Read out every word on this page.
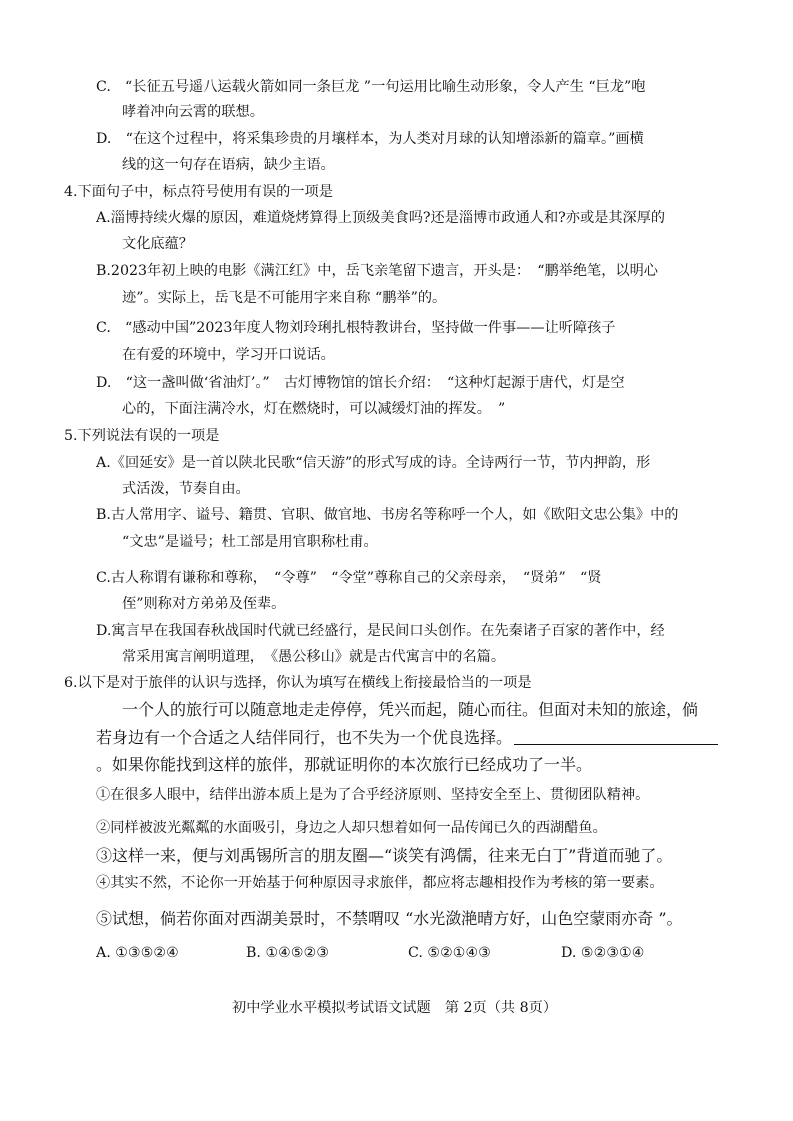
C.　“长征五号遥八运载火箭如同一条巨龙 ”一句运用比喻生动形象，令人产生 “巨龙”咆

哮着冲向云霄的联想。

D.　“在这个过程中，将采集珍贵的月壤样本，为人类对月球的认知增添新的篇章。”画横

线的这一句存在语病，缺少主语。

4.下面句子中，标点符号使用有误的一项是

A.淄博持续火爆的原因，难道烧烤算得上顶级美食吗?还是淄博市政通人和?亦或是其深厚的

文化底蕴？

B.2023年初上映的电影《满江红》中，岳飞亲笔留下遗言，开头是：　“鹏举绝笔，以明心

迹”。实际上，岳飞是不可能用字来自称 “鹏举”的。

C.　“感动中国”2023年度人物刘玲琍扎根特教讲台，坚持做一件事——让听障孩子

在有爱的环境中，学习开口说话。

D.　“这一盏叫做‘省油灯’。”　古灯博物馆的馆长介绍：　“这种灯起源于唐代，灯是空

心的，下面注满冷水，灯在燃烧时，可以减缓灯油的挥发。　”

5.下列说法有误的一项是

A.《回延安》是一首以陕北民歌“信天游”的形式写成的诗。全诗两行一节，节内押韵，形

式活泼，节奏自由。

B.古人常用字、谥号、籍贯、官职、做官地、书房名等称呼一个人，如《欧阳文忠公集》中的

“文忠”是谥号；杜工部是用官职称杜甫。

C.古人称谓有谦称和尊称，　“令尊”　“令堂”尊称自己的父亲母亲，　“贤弟”　“贤

侄”则称对方弟弟及侄辈。

D.寓言早在我国春秋战国时代就已经盛行，是民间口头创作。在先秦诸子百家的著作中，经

常采用寓言阐明道理，　《愚公移山》就是古代寓言中的名篇。

6.以下是对于旅伴的认识与选择，你认为填写在横线上衔接最恰当的一项是

一个人的旅行可以随意地走走停停，凭兴而起，随心而往。但面对未知的旅途，倘

若身边有一个合适之人结伴同行，也不失为一个优良选择。

。如果你能找到这样的旅伴，那就证明你的本次旅行已经成功了一半。

①在很多人眼中，结伴出游本质上是为了合乎经济原则、坚持安全至上、贯彻团队精神。

②同样被波光粼粼的水面吸引，身边之人却只想着如何一品传闻已久的西湖醋鱼。

③这样一来，便与刘禹锡所言的朋友圈—“谈笑有鸿儒，往来无白丁”背道而驰了。

④其实不然，不论你一开始基于何种原因寻求旅伴，都应将志趣相投作为考核的第一要素。

⑤试想，倘若你面对西湖美景时，不禁喟叹 “水光潋滟晴方好，山色空蒙雨亦奇 ”。

A. ①③⑤②④	B. ①④⑤②③	C. ⑤②①④③	D. ⑤②③①④

初中学业水平模拟考试语文试题　第 2页（共 8页）
